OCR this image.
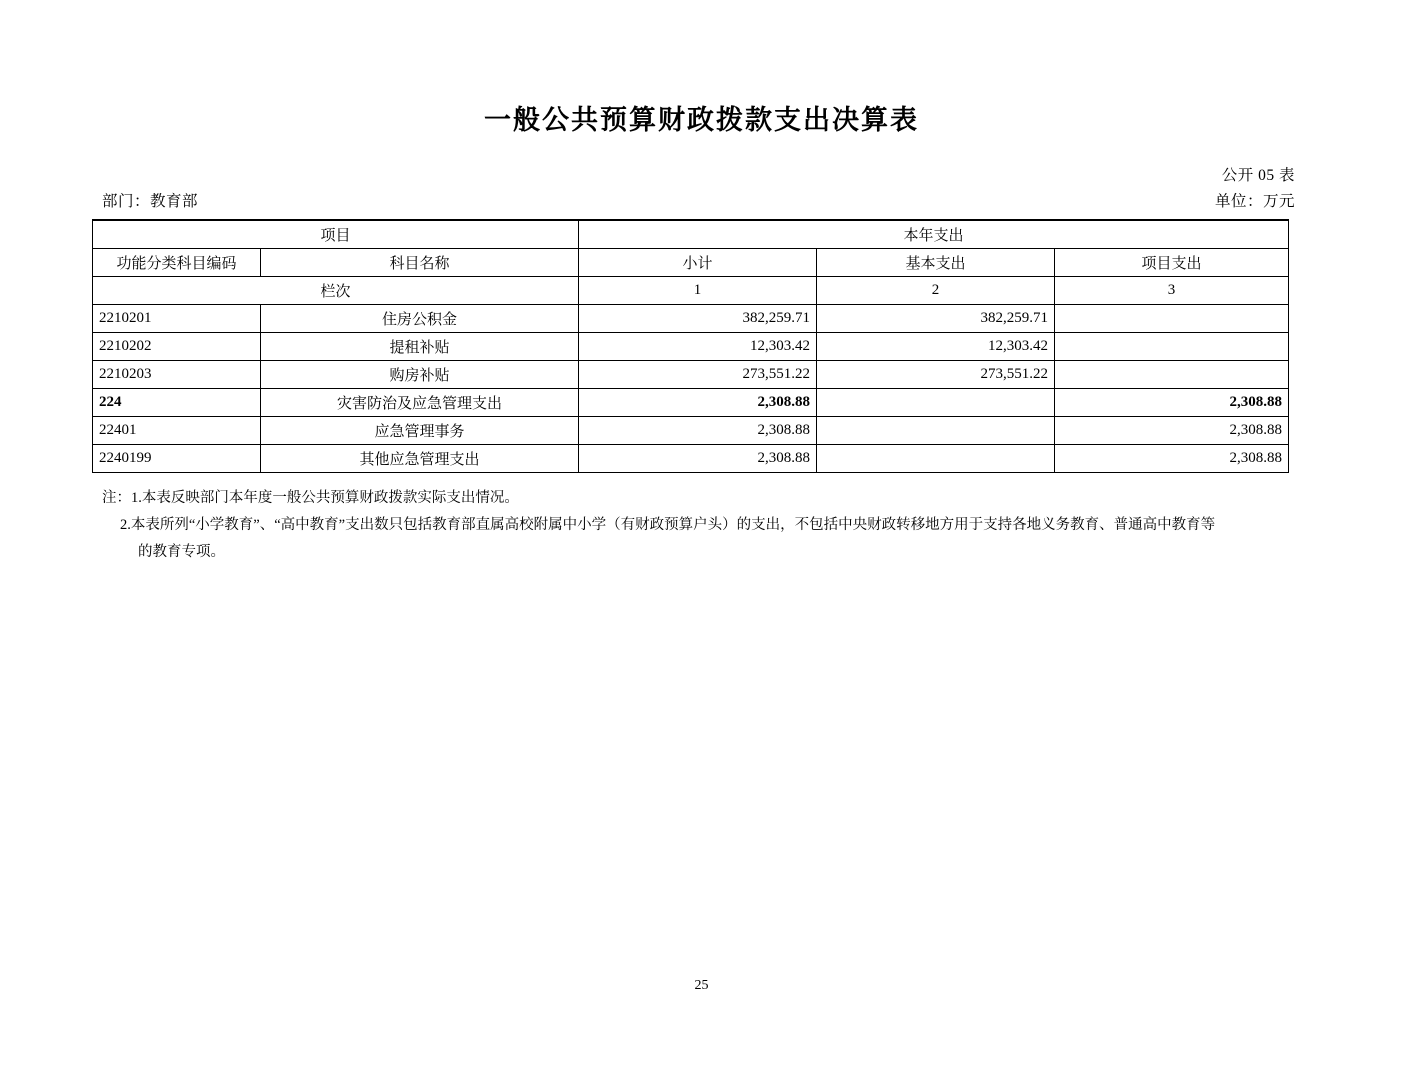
一般公共预算财政拨款支出决算表
公开 05 表
部门：教育部	单位：万元
项目		本年支出		
功能分类科目编码	科目名称	小计	基本支出	项目支出
栏次		1	2	3
2210201	住房公积金	382,259.71	382,259.71	
2210202	提租补贴	12,303.42	12,303.42	
2210203	购房补贴	273,551.22	273,551.22	
224	灾害防治及应急管理支出	2,308.88		2,308.88
22401	应急管理事务	2,308.88		2,308.88
2240199	其他应急管理支出	2,308.88		2,308.88
注：1.本表反映部门本年度一般公共预算财政拨款实际支出情况。
2.本表所列“小学教育”、“高中教育”支出数只包括教育部直属高校附属中小学（有财政预算户头）的支出，不包括中央财政转移地方用于支持各地义务教育、普通高中教育等
的教育专项。
25
